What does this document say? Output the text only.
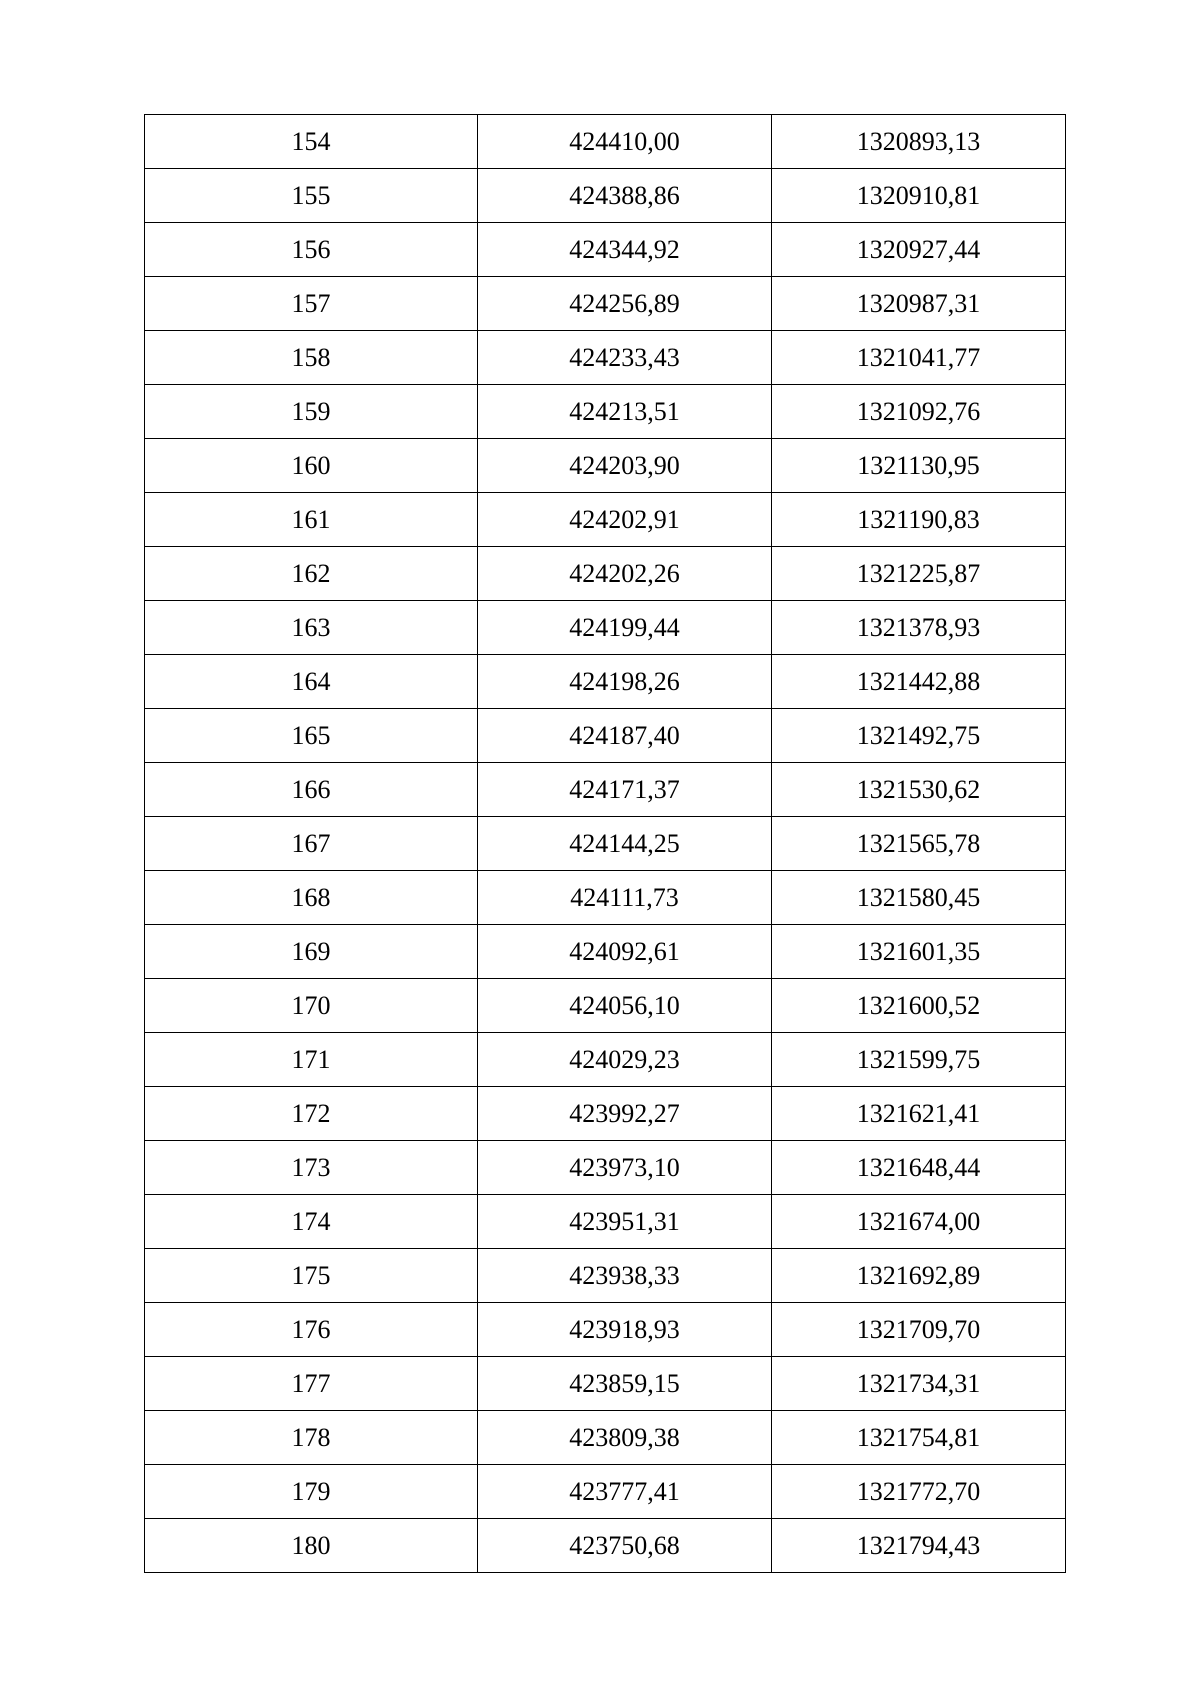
154	424410,00	1320893,13
155	424388,86	1320910,81
156	424344,92	1320927,44
157	424256,89	1320987,31
158	424233,43	1321041,77
159	424213,51	1321092,76
160	424203,90	1321130,95
161	424202,91	1321190,83
162	424202,26	1321225,87
163	424199,44	1321378,93
164	424198,26	1321442,88
165	424187,40	1321492,75
166	424171,37	1321530,62
167	424144,25	1321565,78
168	424111,73	1321580,45
169	424092,61	1321601,35
170	424056,10	1321600,52
171	424029,23	1321599,75
172	423992,27	1321621,41
173	423973,10	1321648,44
174	423951,31	1321674,00
175	423938,33	1321692,89
176	423918,93	1321709,70
177	423859,15	1321734,31
178	423809,38	1321754,81
179	423777,41	1321772,70
180	423750,68	1321794,43
